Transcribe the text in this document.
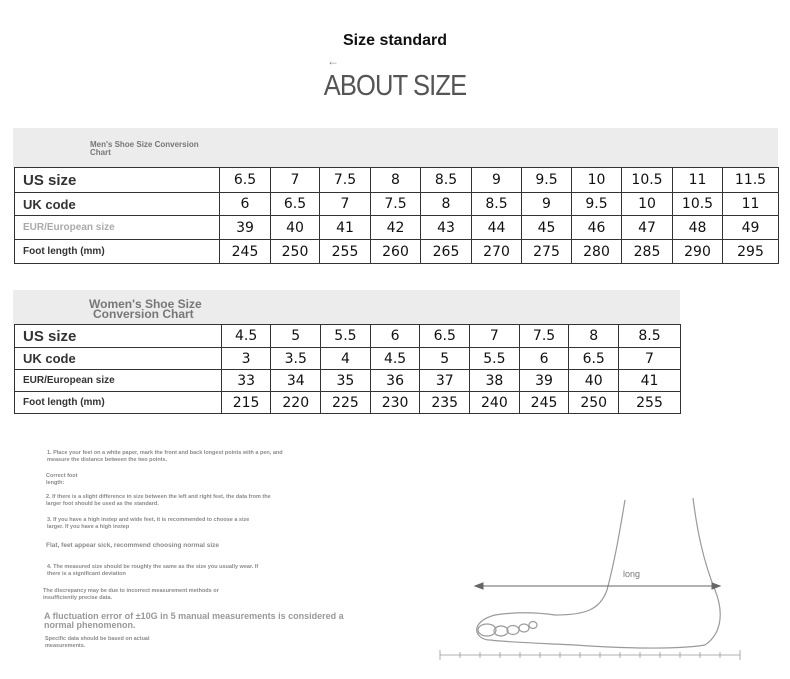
Size standard
←
ABOUT SIZE
Men's Shoe Size Conversion
Chart
US size	6.5	7	7.5	8	8.5	9	9.5	10	10.5	11	11.5
UK code	6	6.5	7	7.5	8	8.5	9	9.5	10	10.5	11
EUR/European size	39	40	41	42	43	44	45	46	47	48	49
Foot length (mm)	245	250	255	260	265	270	275	280	285	290	295
Women's Shoe Size
Conversion Chart
US size	4.5	5	5.5	6	6.5	7	7.5	8	8.5
UK code	3	3.5	4	4.5	5	5.5	6	6.5	7
EUR/European size	33	34	35	36	37	38	39	40	41
Foot length (mm)	215	220	225	230	235	240	245	250	255
1. Place your feet on a white paper, mark the front and back longest points with a pen, and measure the distance between the two points.
Correct foot length:
2. If there is a slight difference in size between the left and right feet, the data from the larger foot should be used as the standard.
3. If you have a high instep and wide feet, it is recommended to choose a size larger. If you have a high instep
Flat, feet appear sick, recommend choosing normal size
4. The measured size should be roughly the same as the size you usually wear. If there is a significant deviation
The discrepancy may be due to incorrect measurement methods or insufficiently precise data.
A fluctuation error of ±10G in 5 manual measurements is considered a normal phenomenon.
Specific data should be based on actual measurements.
long
